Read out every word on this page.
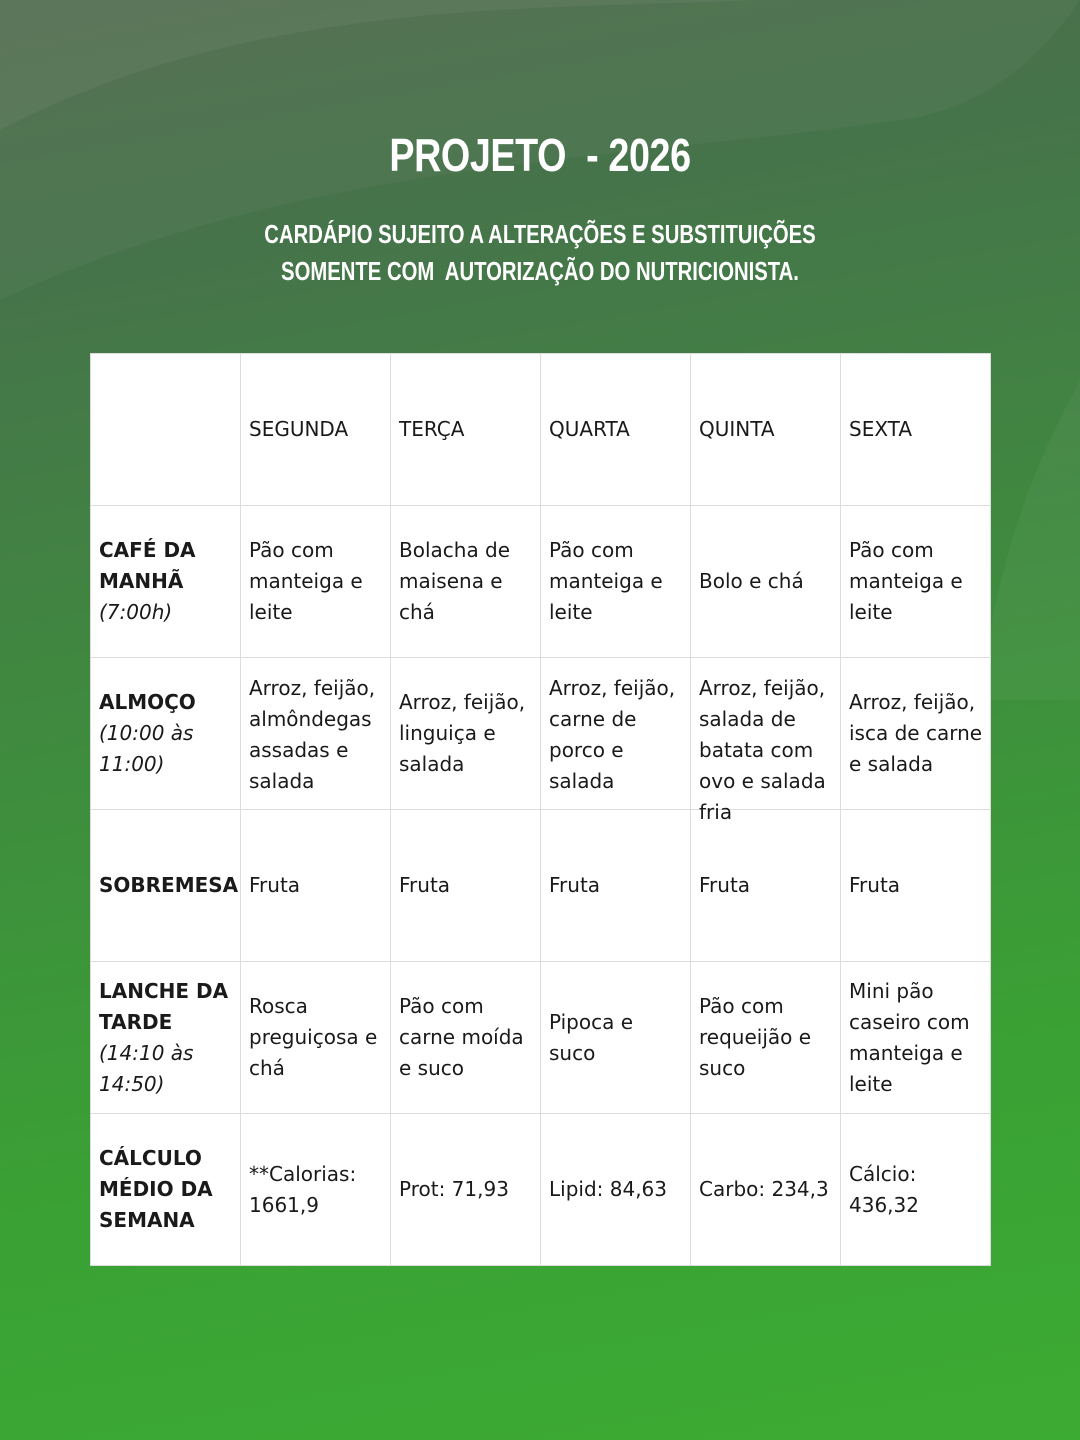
PROJETO  - 2026
CARDÁPIO SUJEITO A ALTERAÇÕES E SUBSTITUIÇÕES
SOMENTE COM  AUTORIZAÇÃO DO NUTRICIONISTA.
	SEGUNDA	TERÇA	QUARTA	QUINTA	SEXTA

CAFÉ DA MANHÃ
(7:00h)	Pão com manteiga e leite	Bolacha de maisena e chá	Pão com manteiga e leite	Bolo e chá	Pão com manteiga e leite

ALMOÇO
(10:00 às 11:00)	Arroz, feijão, almôndegas assadas e salada	Arroz, feijão, linguiça e salada	Arroz, feijão, carne de porco e salada	Arroz, feijão, salada de batata com ovo e salada fria	Arroz, feijão, isca de carne e salada

SOBREMESA	Fruta	Fruta	Fruta	Fruta	Fruta

LANCHE DA TARDE
(14:10 às 14:50)	Rosca preguiçosa e chá	Pão com carne moída e suco	Pipoca e suco	Pão com requeijão e suco	Mini pão caseiro com manteiga e leite

CÁLCULO MÉDIO DA SEMANA	**Calorias: 1661,9	Prot: 71,93	Lipid: 84,63	Carbo: 234,3	Cálcio: 436,32
